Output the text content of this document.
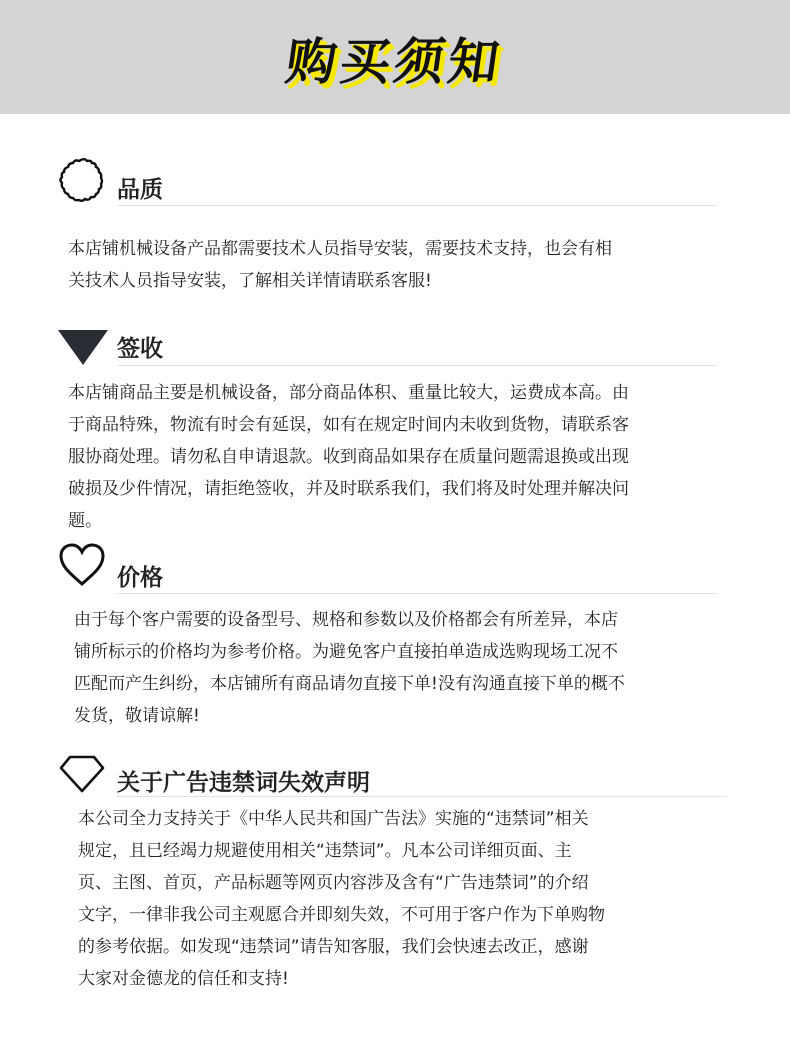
购买须知
品质

本店铺机械设备产品都需要技术人员指导安装，需要技术支持，也会有相

关技术人员指导安装，了解相关详情请联系客服!

签收

本店铺商品主要是机械设备，部分商品体积、重量比较大，运费成本高。由

于商品特殊，物流有时会有延误，如有在规定时间内未收到货物，请联系客

服协商处理。请勿私自申请退款。收到商品如果存在质量问题需退换或出现

破损及少件情况，请拒绝签收，并及时联系我们，我们将及时处理并解决问

题。

价格

由于每个客户需要的设备型号、规格和参数以及价格都会有所差异，本店

铺所标示的价格均为参考价格。为避免客户直接拍单造成选购现场工况不

匹配而产生纠纷，本店铺所有商品请勿直接下单!没有沟通直接下单的概不

发货，敬请谅解!

关于广告违禁词失效声明

本公司全力支持关于《中华人民共和国广告法》实施的“违禁词”相关

规定，且已经竭力规避使用相关“违禁词”。凡本公司详细页面、主

页、主图、首页，产品标题等网页内容涉及含有“广告违禁词”的介绍

文字，一律非我公司主观愿合并即刻失效，不可用于客户作为下单购物

的参考依据。如发现“违禁词”请告知客服，我们会快速去改正，感谢

大家对金德龙的信任和支持!
